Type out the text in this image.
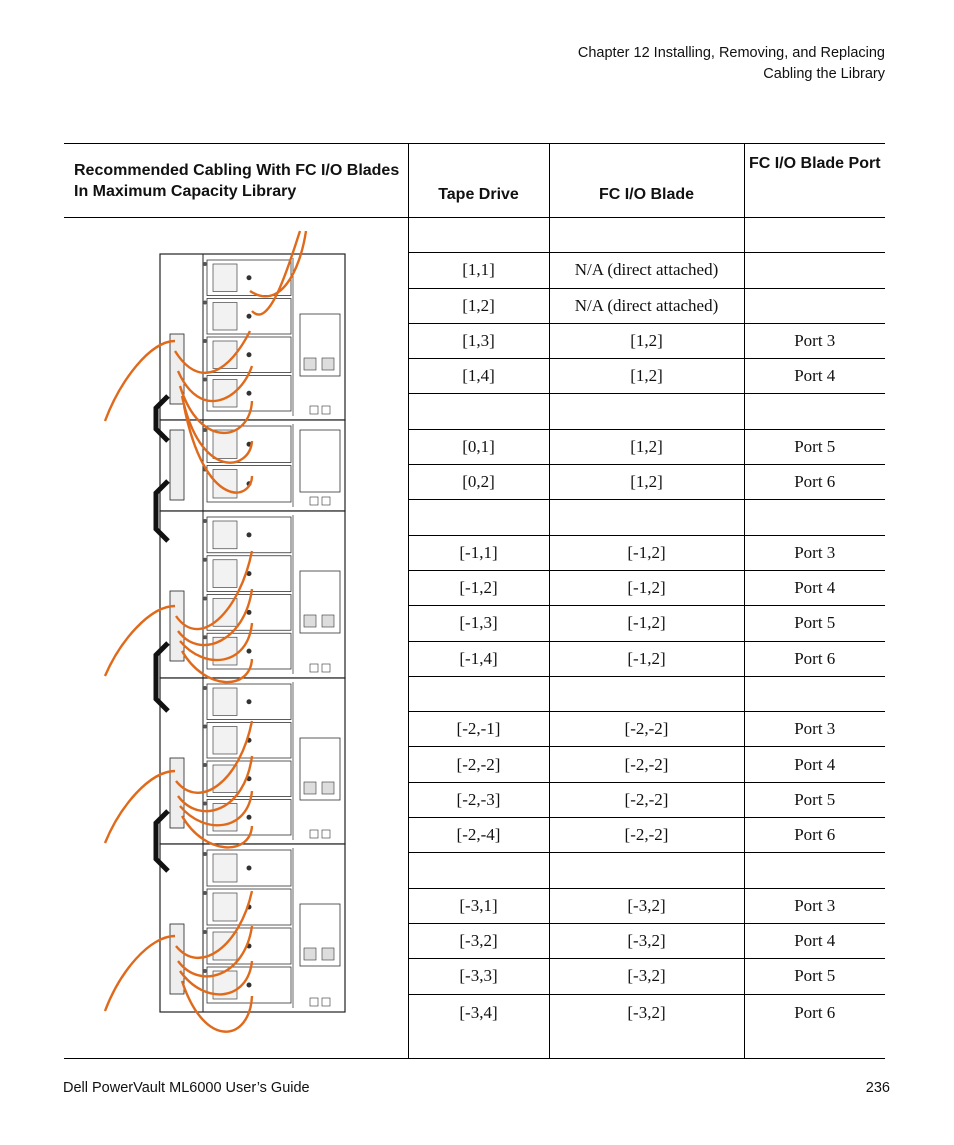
Chapter 12 Installing, Removing, and Replacing
Cabling the Library
Recommended Cabling With FC I/O Blades In Maximum Capacity Library	Tape Drive	FC I/O Blade	FC I/O Blade Port

	[1,1]	N/A (direct attached)	
	[1,2]	N/A (direct attached)	
	[1,3]	[1,2]	Port 3
	[1,4]	[1,2]	Port 4

	[0,1]	[1,2]	Port 5
	[0,2]	[1,2]	Port 6

	[-1,1]	[-1,2]	Port 3
	[-1,2]	[-1,2]	Port 4
	[-1,3]	[-1,2]	Port 5
	[-1,4]	[-1,2]	Port 6

	[-2,-1]	[-2,-2]	Port 3
	[-2,-2]	[-2,-2]	Port 4
	[-2,-3]	[-2,-2]	Port 5
	[-2,-4]	[-2,-2]	Port 6

	[-3,1]	[-3,2]	Port 3
	[-3,2]	[-3,2]	Port 4
	[-3,3]	[-3,2]	Port 5
	[-3,4]	[-3,2]	Port 6
Dell PowerVault ML6000 User’s Guide	236
